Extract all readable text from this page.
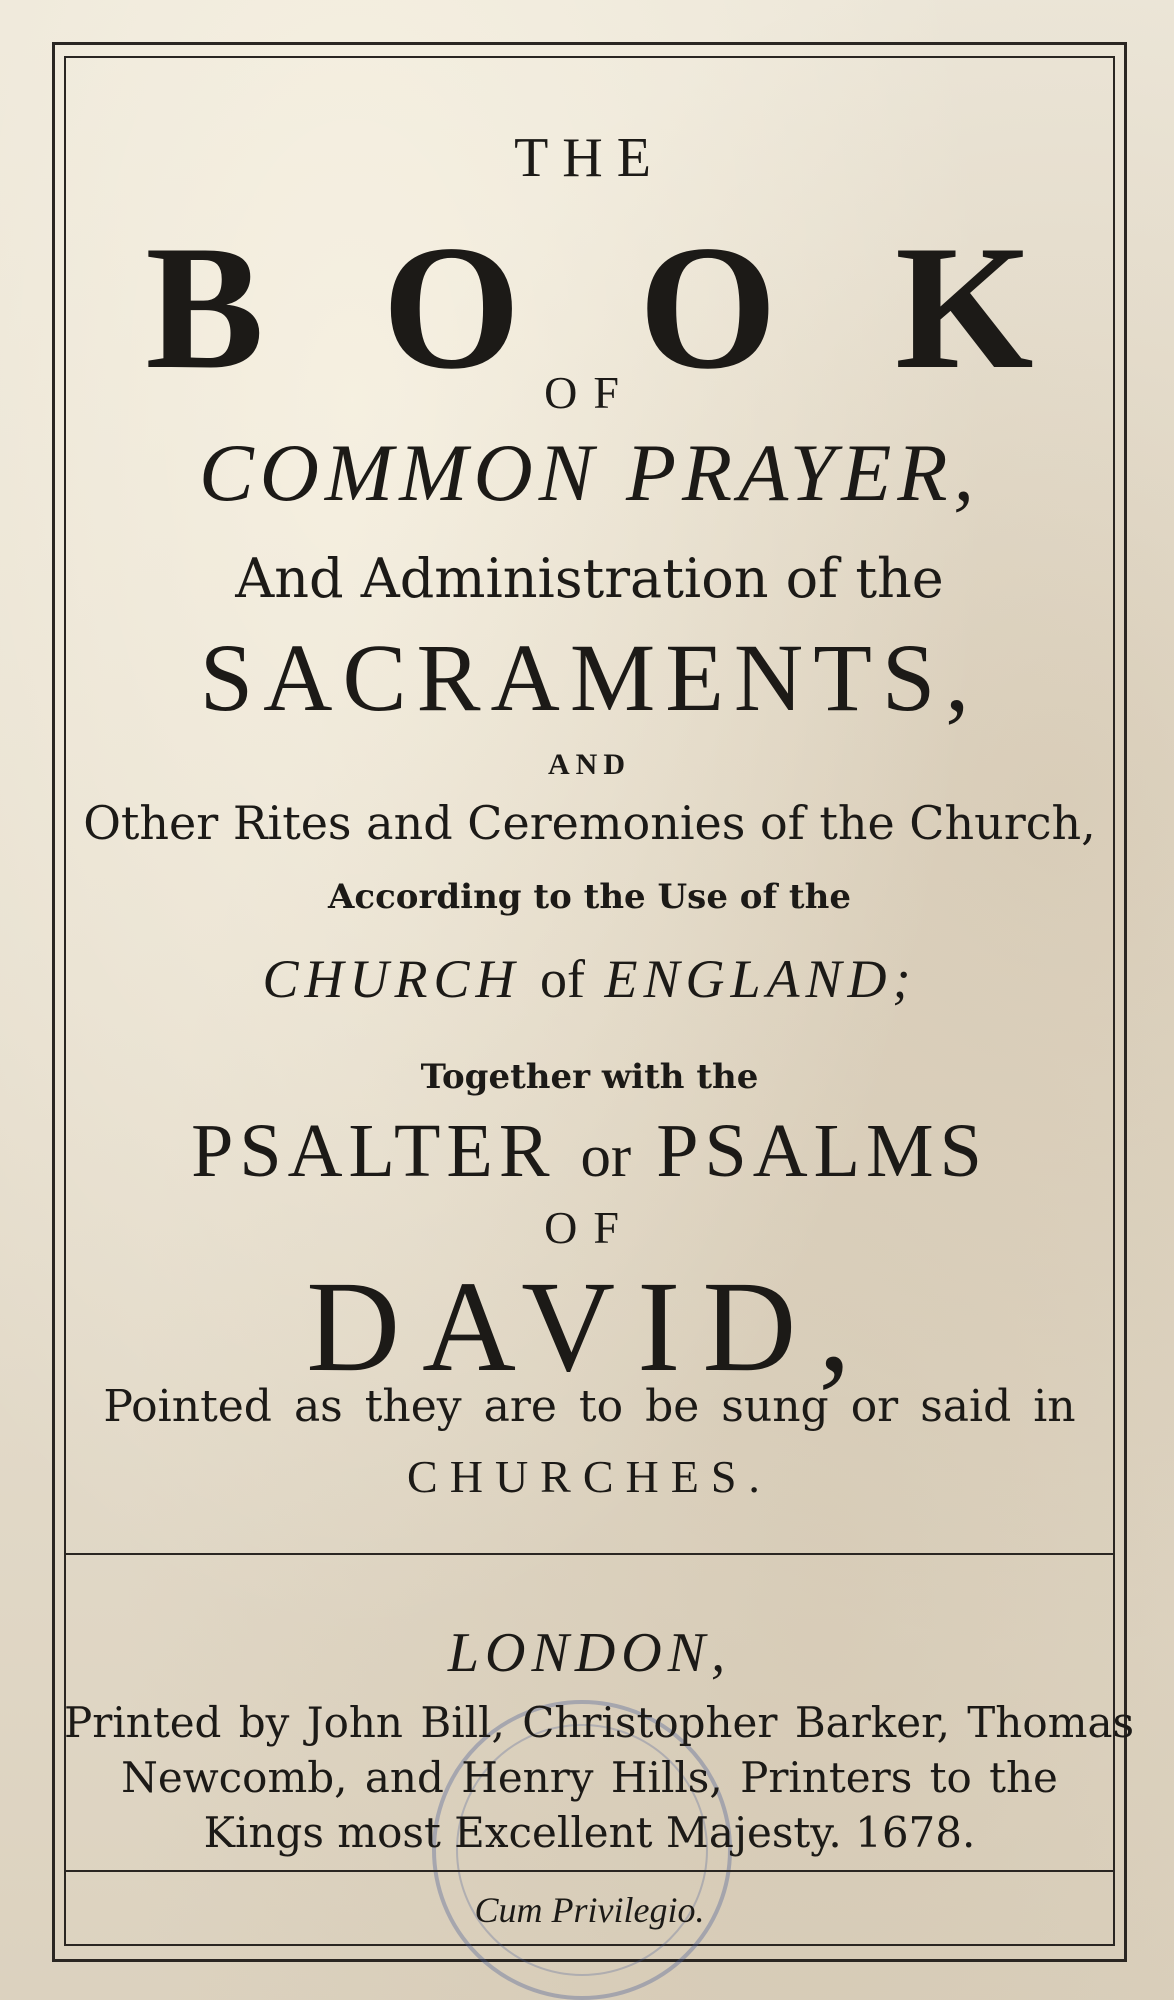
THE
B O O K
OF
COMMON PRAYER,
And Administration of the
SACRAMENTS,
AND
Other Rites and Ceremonies of the Church,
According to the Use of the
CHURCH of ENGLAND;
Together with the
PSALTER or PSALMS
OF
DAVID,
Pointed as they are to be sung or said in
CHURCHES.
LONDON,
Printed by John Bill, Christopher Barker, Thomas
Newcomb, and Henry Hills, Printers to the
Kings most Excellent Majesty. 1678.
Cum Privilegio.
